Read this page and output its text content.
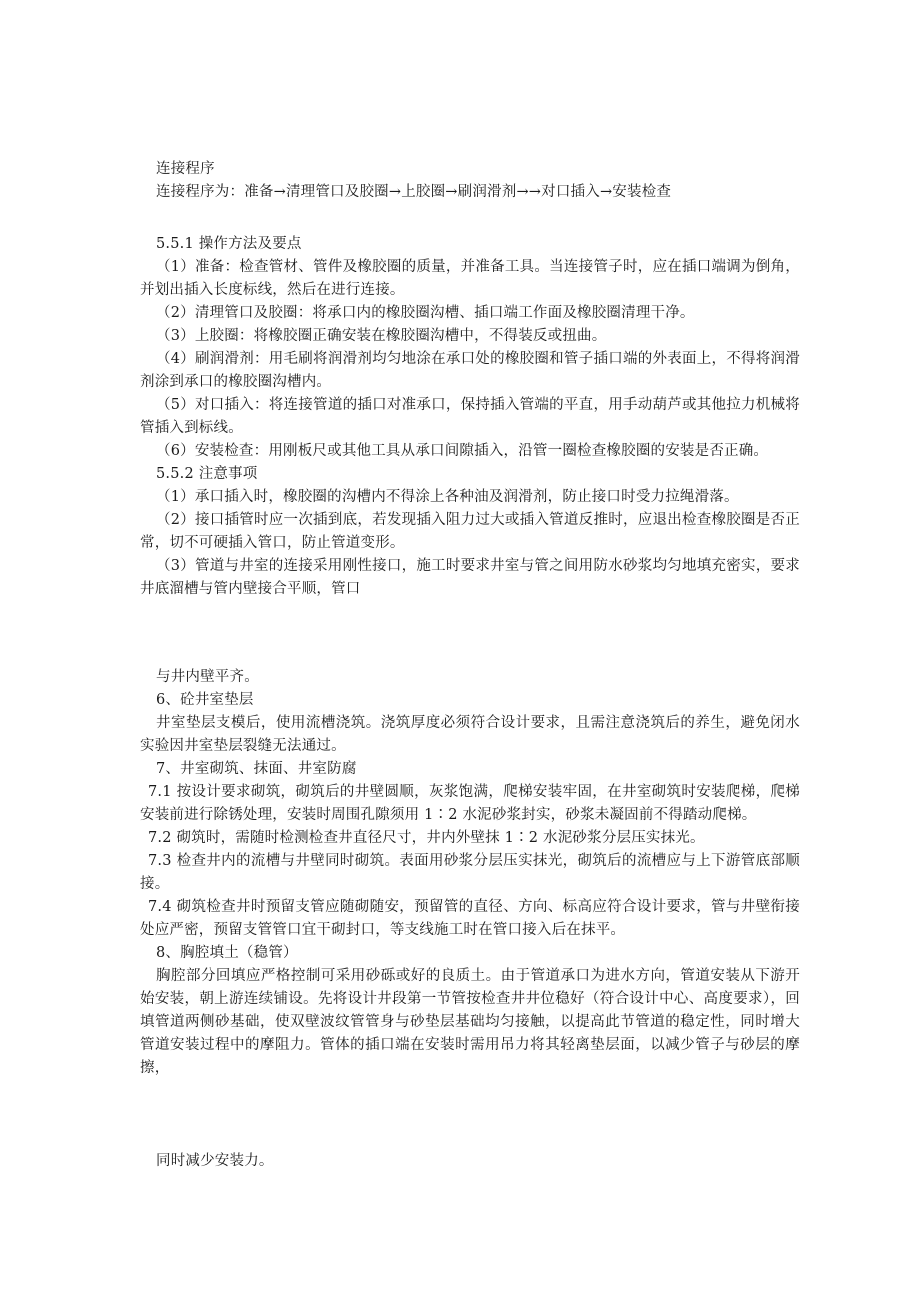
连接程序

连接程序为：准备→清理管口及胶圈→上胶圈→刷润滑剂→→对口插入→安装检查

5.5.1 操作方法及要点

（1）准备：检查管材、管件及橡胶圈的质量，并准备工具。当连接管子时，应在插口端调为倒角，并划出插入长度标线，然后在进行连接。

（2）清理管口及胶圈：将承口内的橡胶圈沟槽、插口端工作面及橡胶圈清理干净。

（3）上胶圈：将橡胶圈正确安装在橡胶圈沟槽中，不得装反或扭曲。

（4）刷润滑剂：用毛刷将润滑剂均匀地涂在承口处的橡胶圈和管子插口端的外表面上，不得将润滑剂涂到承口的橡胶圈沟槽内。

（5）对口插入：将连接管道的插口对准承口，保持插入管端的平直，用手动葫芦或其他拉力机械将管插入到标线。

（6）安装检查：用刚板尺或其他工具从承口间隙插入，沿管一圈检查橡胶圈的安装是否正确。

5.5.2 注意事项

（1）承口插入时，橡胶圈的沟槽内不得涂上各种油及润滑剂，防止接口时受力拉绳滑落。

（2）接口插管时应一次插到底，若发现插入阻力过大或插入管道反推时，应退出检查橡胶圈是否正常，切不可硬插入管口，防止管道变形。

（3）管道与井室的连接采用刚性接口，施工时要求井室与管之间用防水砂浆均匀地填充密实，要求井底溜槽与管内壁接合平顺，管口

与井内壁平齐。

6、砼井室垫层

井室垫层支模后，使用流槽浇筑。浇筑厚度必须符合设计要求，且需注意浇筑后的养生，避免闭水实验因井室垫层裂缝无法通过。

7、井室砌筑、抹面、井室防腐

7.1 按设计要求砌筑，砌筑后的井壁圆顺，灰浆饱满，爬梯安装牢固，在井室砌筑时安装爬梯，爬梯安装前进行除锈处理，安装时周围孔隙须用 1∶2 水泥砂浆封实，砂浆未凝固前不得踏动爬梯。

7.2 砌筑时，需随时检测检查井直径尺寸，井内外壁抹 1∶2 水泥砂浆分层压实抹光。

7.3 检查井内的流槽与井壁同时砌筑。表面用砂浆分层压实抹光，砌筑后的流槽应与上下游管底部顺接。

7.4 砌筑检查井时预留支管应随砌随安，预留管的直径、方向、标高应符合设计要求，管与井壁衔接处应严密，预留支管管口宜干砌封口，等支线施工时在管口接入后在抹平。

8、胸腔填土（稳管）

胸腔部分回填应严格控制可采用砂砾或好的良质土。由于管道承口为进水方向，管道安装从下游开始安装，朝上游连续铺设。先将设计井段第一节管按检查井井位稳好（符合设计中心、高度要求），回填管道两侧砂基础，使双壁波纹管管身与砂垫层基础均匀接触，以提高此节管道的稳定性，同时增大管道安装过程中的摩阻力。管体的插口端在安装时需用吊力将其轻离垫层面，以减少管子与砂层的摩擦，

同时减少安装力。
